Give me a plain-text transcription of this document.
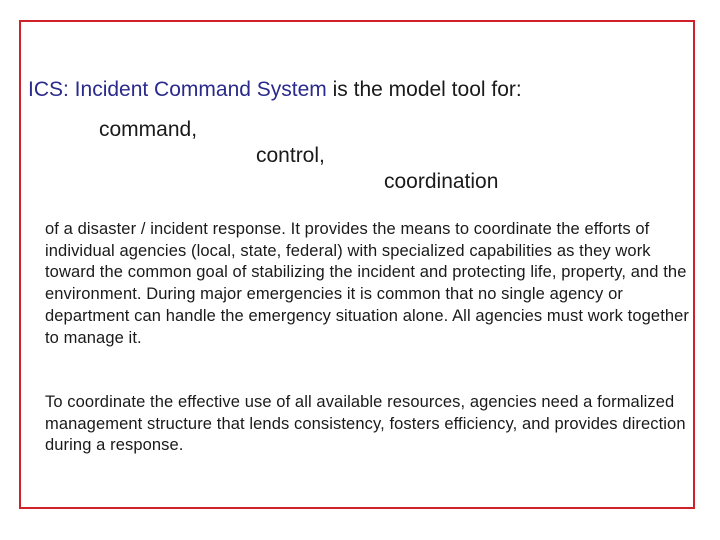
ICS: Incident Command System is the model tool for:
command,
control,
coordination

of a disaster / incident response. It provides the means to coordinate the efforts of individual agencies (local, state, federal) with specialized capabilities as they work toward the common goal of stabilizing the incident and protecting life, property, and the environment. During major emergencies it is common that no single agency or department can handle the emergency situation alone. All agencies must work together to manage it.

To coordinate the effective use of all available resources, agencies need a formalized management structure that lends consistency, fosters efficiency, and provides direction during a response.
